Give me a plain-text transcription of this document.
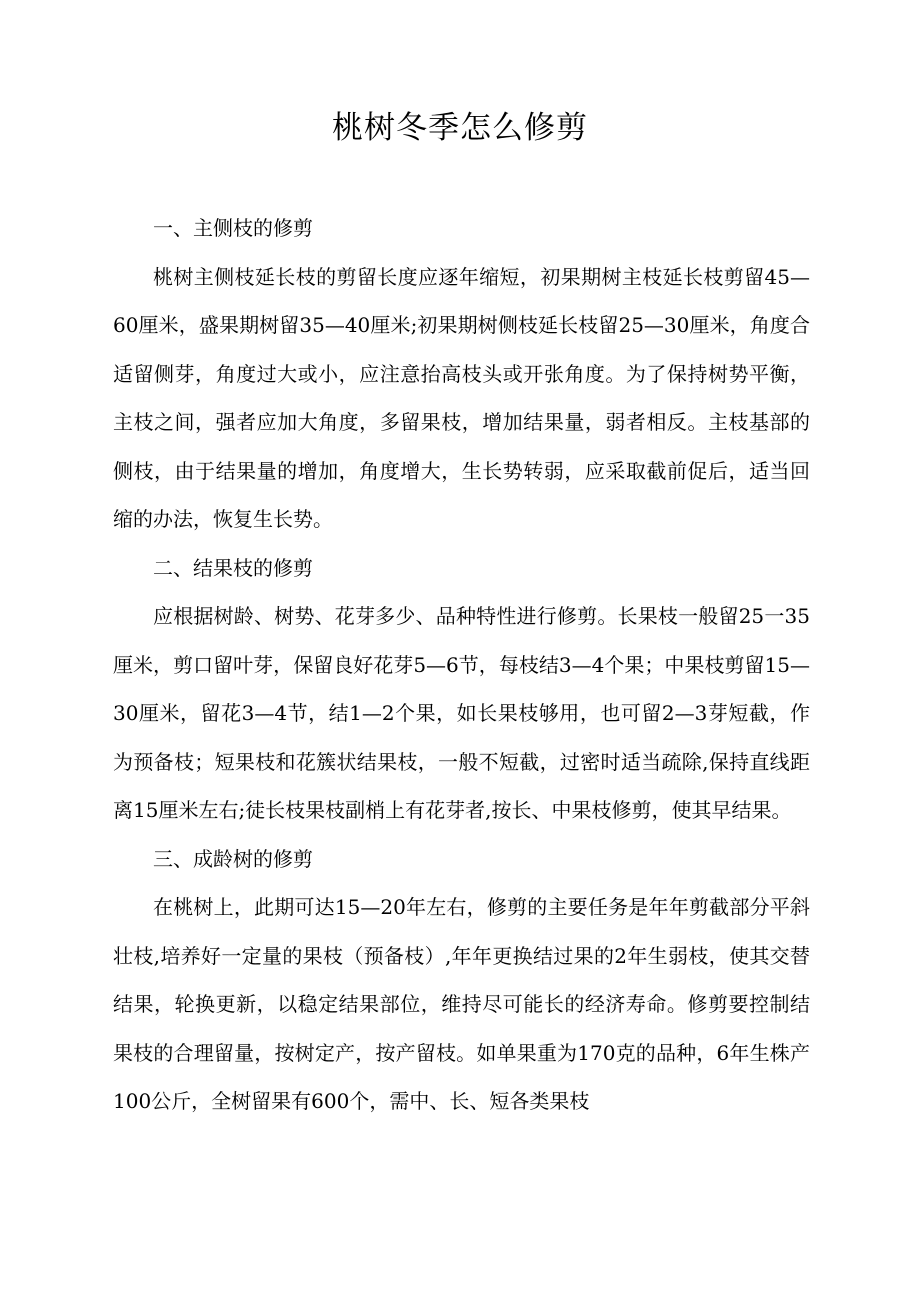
桃树冬季怎么修剪

一、主侧枝的修剪

桃树主侧枝延长枝的剪留长度应逐年缩短，初果期树主枝延长枝剪留45—60厘米，盛果期树留35—40厘米;初果期树侧枝延长枝留25—30厘米，角度合适留侧芽，角度过大或小，应注意抬高枝头或开张角度。为了保持树势平衡，主枝之间，强者应加大角度，多留果枝，增加结果量，弱者相反。主枝基部的侧枝，由于结果量的增加，角度增大，生长势转弱，应采取截前促后，适当回缩的办法，恢复生长势。

二、结果枝的修剪

应根据树龄、树势、花芽多少、品种特性进行修剪。长果枝一般留25一35厘米，剪口留叶芽，保留良好花芽5—6节，每枝结3—4个果；中果枝剪留15—30厘米，留花3—4节，结1—2个果，如长果枝够用，也可留2—3芽短截，作为预备枝；短果枝和花簇状结果枝，一般不短截，过密时适当疏除,保持直线距离15厘米左右;徒长枝果枝副梢上有花芽者,按长、中果枝修剪，使其早结果。

三、成龄树的修剪

在桃树上，此期可达15—20年左右，修剪的主要任务是年年剪截部分平斜壮枝,培养好一定量的果枝（预备枝）,年年更换结过果的2年生弱枝，使其交替结果，轮换更新，以稳定结果部位，维持尽可能长的经济寿命。修剪要控制结果枝的合理留量，按树定产，按产留枝。如单果重为170克的品种，6年生株产100公斤，全树留果有600个，需中、长、短各类果枝
